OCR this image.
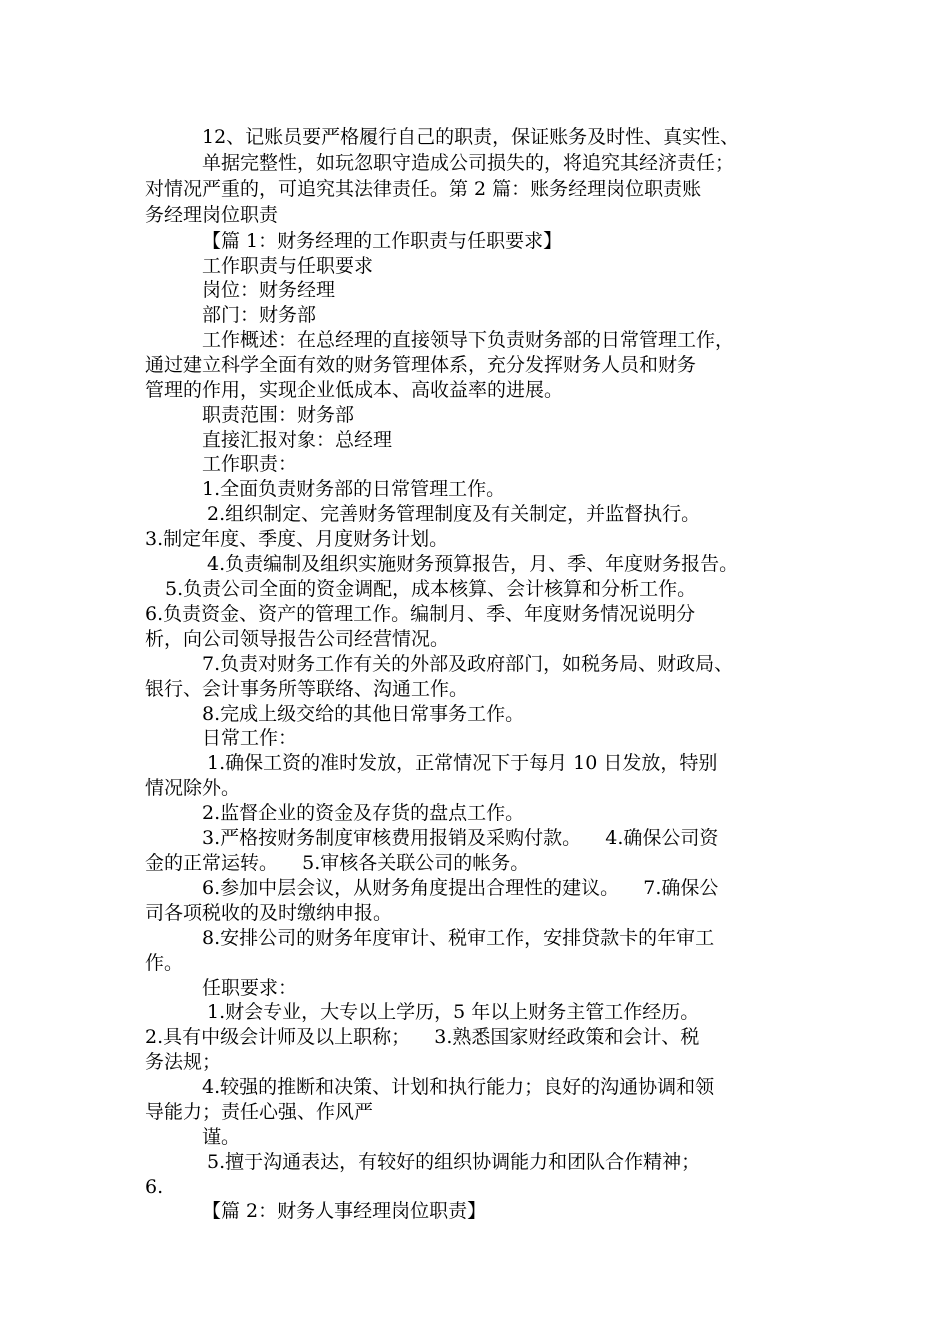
12、记账员要严格履行自己的职责，保证账务及时性、真实性、
单据完整性，如玩忽职守造成公司损失的，将追究其经济责任；
对情况严重的，可追究其法律责任。第 2 篇：账务经理岗位职责账
务经理岗位职责
【篇 1：财务经理的工作职责与任职要求】
工作职责与任职要求
岗位：财务经理
部门：财务部
工作概述：在总经理的直接领导下负责财务部的日常管理工作，
通过建立科学全面有效的财务管理体系，充分发挥财务人员和财务
管理的作用，实现企业低成本、高收益率的进展。
职责范围：财务部
直接汇报对象：总经理
工作职责：
1.全面负责财务部的日常管理工作。
2.组织制定、完善财务管理制度及有关制定，并监督执行。
3.制定年度、季度、月度财务计划。
4.负责编制及组织实施财务预算报告，月、季、年度财务报告。
5.负责公司全面的资金调配，成本核算、会计核算和分析工作。
6.负责资金、资产的管理工作。编制月、季、年度财务情况说明分
析，向公司领导报告公司经营情况。
7.负责对财务工作有关的外部及政府部门，如税务局、财政局、
银行、会计事务所等联络、沟通工作。
8.完成上级交给的其他日常事务工作。
日常工作：
1.确保工资的准时发放，正常情况下于每月 10 日发放，特别
情况除外。
2.监督企业的资金及存货的盘点工作。
3.严格按财务制度审核费用报销及采购付款。    4.确保公司资
金的正常运转。    5.审核各关联公司的帐务。
6.参加中层会议，从财务角度提出合理性的建议。    7.确保公
司各项税收的及时缴纳申报。
8.安排公司的财务年度审计、税审工作，安排贷款卡的年审工
作。
任职要求：
1.财会专业，大专以上学历，5 年以上财务主管工作经历。
2.具有中级会计师及以上职称；    3.熟悉国家财经政策和会计、税
务法规；
4.较强的推断和决策、计划和执行能力；良好的沟通协调和领
导能力；责任心强、作风严
谨。
5.擅于沟通表达，有较好的组织协调能力和团队合作精神；
6.
【篇 2：财务人事经理岗位职责】
